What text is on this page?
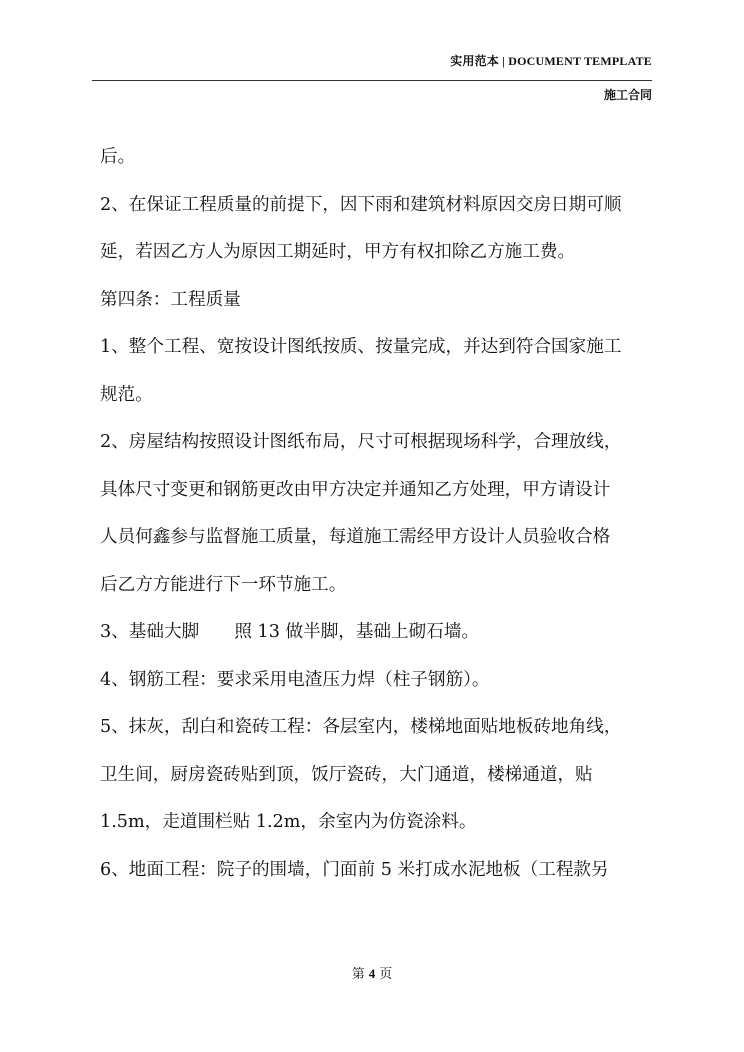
实用范本 | DOCUMENT TEMPLATE
施工合同
后。
2、在保证工程质量的前提下，因下雨和建筑材料原因交房日期可顺
延，若因乙方人为原因工期延时，甲方有权扣除乙方施工费。
第四条：工程质量
1、整个工程、宽按设计图纸按质、按量完成，并达到符合国家施工
规范。
2、房屋结构按照设计图纸布局，尺寸可根据现场科学，合理放线，
具体尺寸变更和钢筋更改由甲方决定并通知乙方处理，甲方请设计
人员何鑫参与监督施工质量，每道施工需经甲方设计人员验收合格
后乙方方能进行下一环节施工。
3、基础大脚　　照 13 做半脚，基础上砌石墙。
4、钢筋工程：要求采用电渣压力焊（柱子钢筋）。
5、抹灰，刮白和瓷砖工程：各层室内，楼梯地面贴地板砖地角线，
卫生间，厨房瓷砖贴到顶，饭厅瓷砖，大门通道，楼梯通道，贴
1.5m，走道围栏贴 1.2m，余室内为仿瓷涂料。
6、地面工程：院子的围墙，门面前 5 米打成水泥地板（工程款另
第 4 页
